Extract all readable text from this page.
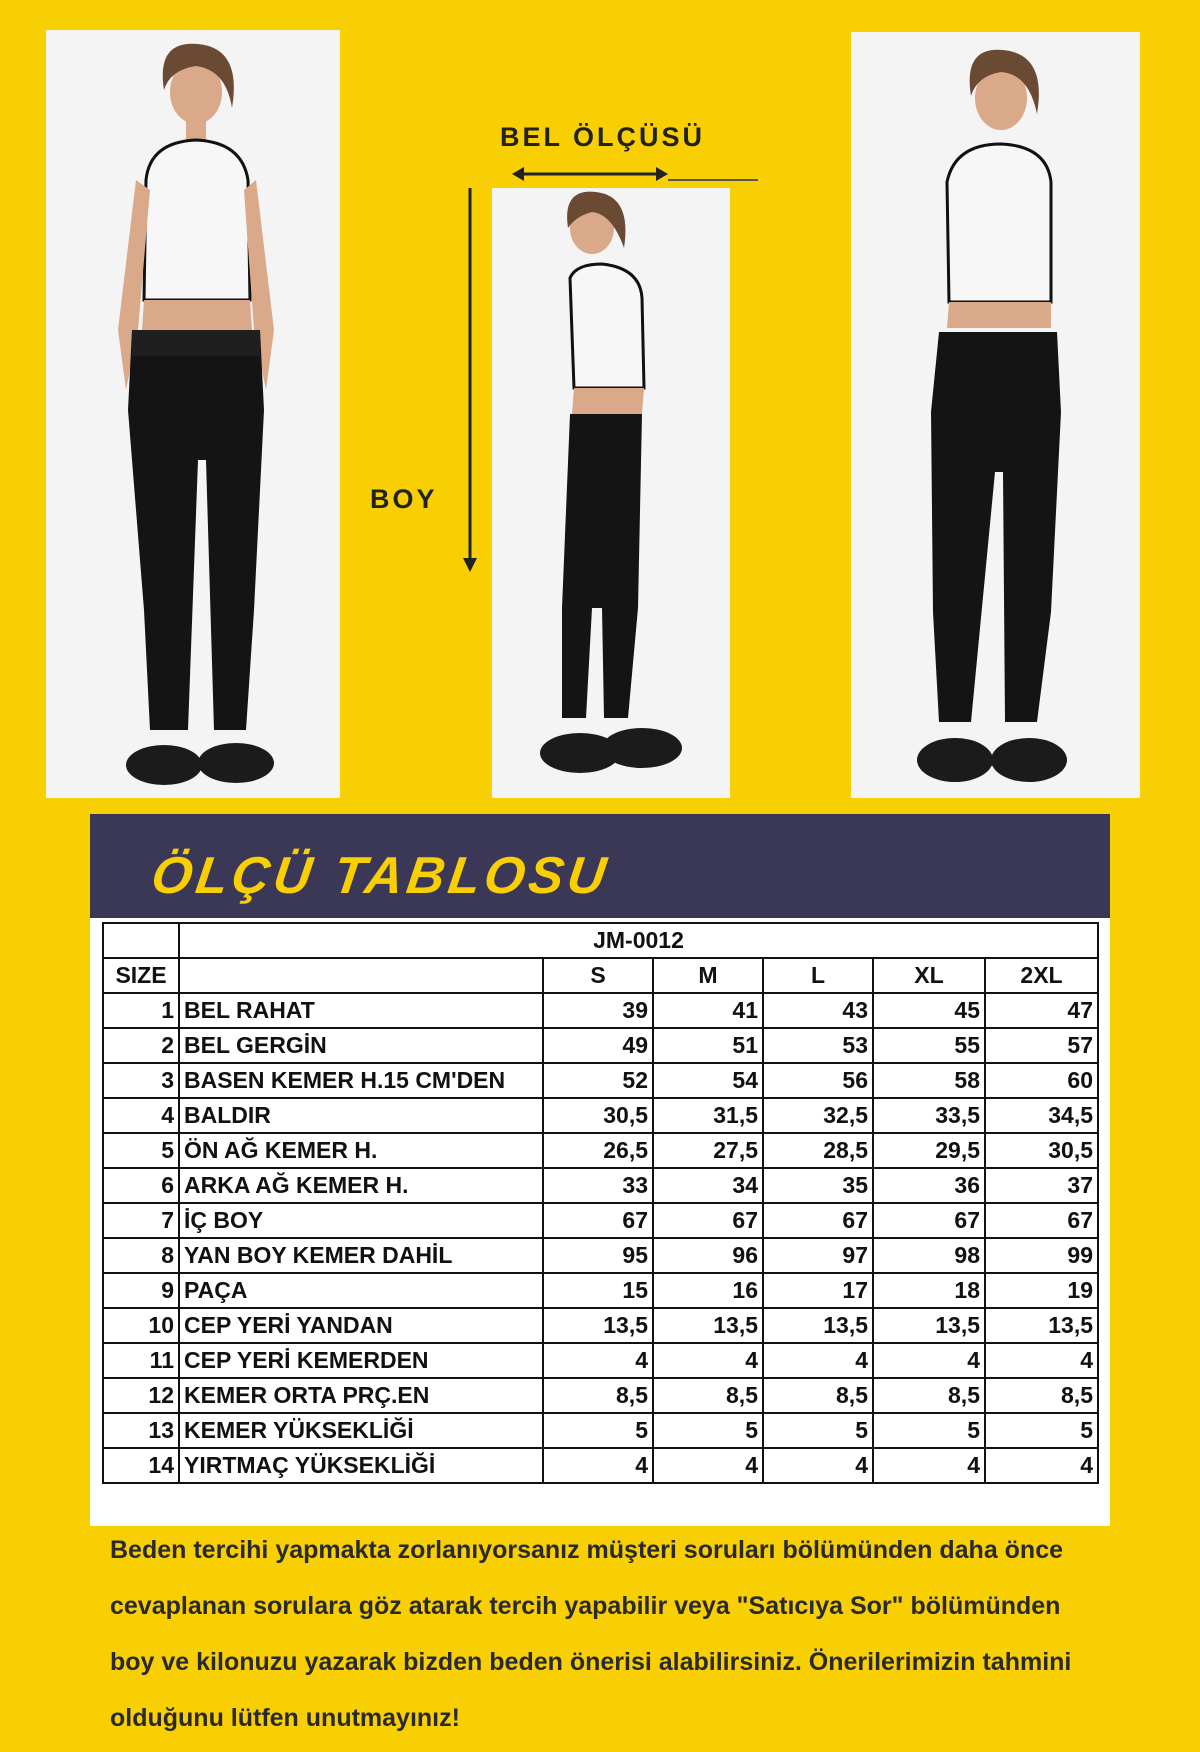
BEL ÖLÇÜSÜ
BOY
ÖLÇÜ TABLOSU
	JM-0012					
SIZE		S	M	L	XL	2XL
1	BEL RAHAT	39	41	43	45	47
2	BEL GERGİN	49	51	53	55	57
3	BASEN KEMER H.15 CM'DEN	52	54	56	58	60
4	BALDIR	30,5	31,5	32,5	33,5	34,5
5	ÖN AĞ KEMER H.	26,5	27,5	28,5	29,5	30,5
6	ARKA AĞ KEMER H.	33	34	35	36	37
7	İÇ BOY	67	67	67	67	67
8	YAN BOY KEMER DAHİL	95	96	97	98	99
9	PAÇA	15	16	17	18	19
10	CEP YERİ YANDAN	13,5	13,5	13,5	13,5	13,5
11	CEP YERİ KEMERDEN	4	4	4	4	4
12	KEMER ORTA PRÇ.EN	8,5	8,5	8,5	8,5	8,5
13	KEMER YÜKSEKLİĞİ	5	5	5	5	5
14	YIRTMAÇ YÜKSEKLİĞİ	4	4	4	4	4
Beden tercihi yapmakta zorlanıyorsanız müşteri soruları bölümünden daha önce cevaplanan sorulara göz atarak tercih yapabilir veya "Satıcıya Sor" bölümünden boy ve kilonuzu yazarak bizden beden önerisi alabilirsiniz. Önerilerimizin tahmini olduğunu lütfen unutmayınız!
